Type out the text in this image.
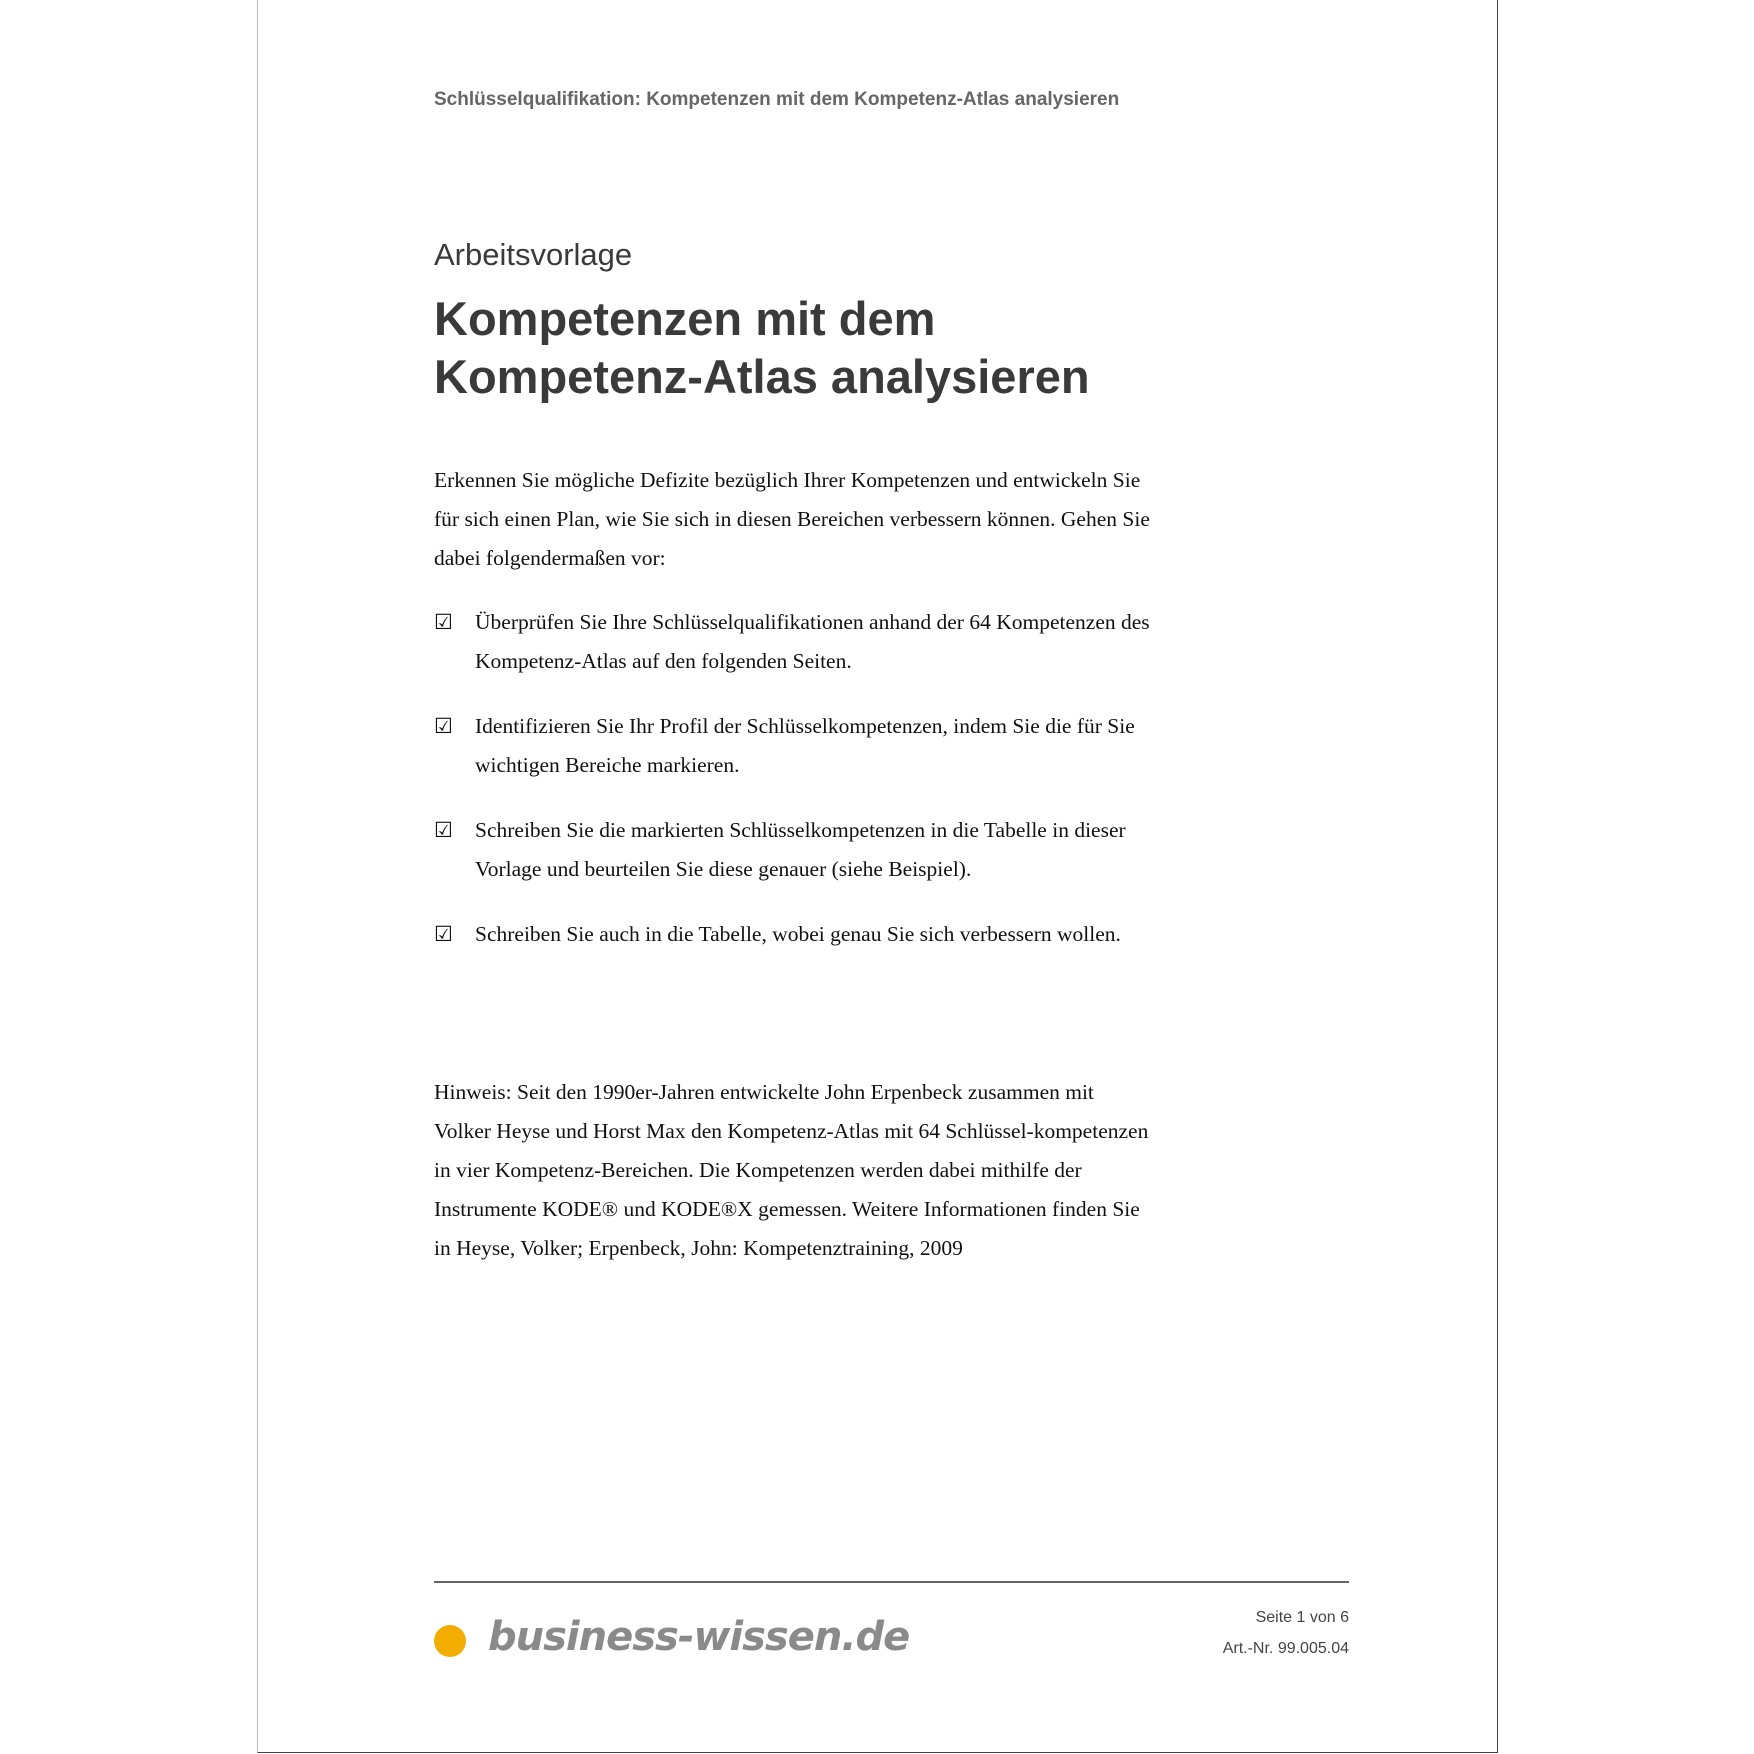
Schlüsselqualifikation: Kompetenzen mit dem Kompetenz-Atlas analysieren
Arbeitsvorlage
Kompetenzen mit dem
Kompetenz-Atlas analysieren
Erkennen Sie mögliche Defizite bezüglich Ihrer Kompetenzen und entwickeln Sie für sich einen Plan, wie Sie sich in diesen Bereichen verbessern können. Gehen Sie dabei folgendermaßen vor:
☑ Überprüfen Sie Ihre Schlüsselqualifikationen anhand der 64 Kompetenzen des Kompetenz-Atlas auf den folgenden Seiten.
☑ Identifizieren Sie Ihr Profil der Schlüsselkompetenzen, indem Sie die für Sie wichtigen Bereiche markieren.
☑ Schreiben Sie die markierten Schlüsselkompetenzen in die Tabelle in dieser Vorlage und beurteilen Sie diese genauer (siehe Beispiel).
☑ Schreiben Sie auch in die Tabelle, wobei genau Sie sich verbessern wollen.
Hinweis: Seit den 1990er-Jahren entwickelte John Erpenbeck zusammen mit Volker Heyse und Horst Max den Kompetenz-Atlas mit 64 Schlüssel-kompetenzen in vier Kompetenz-Bereichen. Die Kompetenzen werden dabei mithilfe der Instrumente KODE® und KODE®X gemessen. Weitere Informationen finden Sie in Heyse, Volker; Erpenbeck, John: Kompetenztraining, 2009
business-wissen.de	Seite 1 von 6
Art.-Nr. 99.005.04
